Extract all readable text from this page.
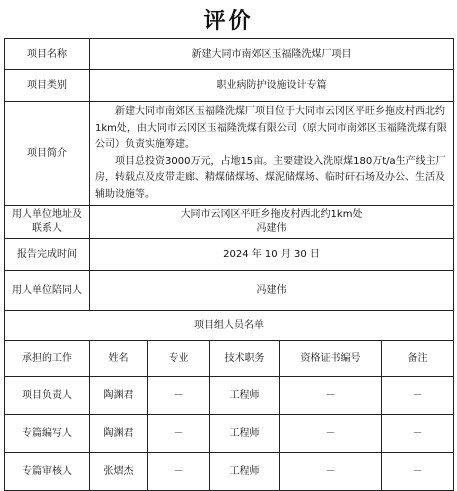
评价
项目名称	新建大同市南郊区玉福隆洗煤厂项目				
项目类别	职业病防护设施设计专篇				
项目简介	新建大同市南郊区玉福隆洗煤厂项目位于大同市云冈区平旺乡拖皮村西北约1km处，由大同市云冈区玉福隆洗煤有限公司（原大同市南郊区玉福隆洗煤有限公司）负责实施筹建。

项目总投资3000万元，占地15亩。主要建设入洗原煤180万t/a生产线主厂房，转载点及皮带走廊、精煤储煤场、煤泥储煤场、临时矸石场及办公、生活及辅助设施等。				

用人单位地址及联系人	大同市云冈区平旺乡拖皮村西北约1km处
冯建伟				

报告完成时间	2024 年 10 月 30 日				
用人单位陪同人	冯建伟				
项目组人员名单					
承担的工作	姓名	专业	技术职务	资格证书编号	备注
项目负责人	陶渊君	－	工程师	－	－
专篇编写人	陶渊君	－	工程师	－	－
专篇审核人	张熠杰	－	工程师	－	－
